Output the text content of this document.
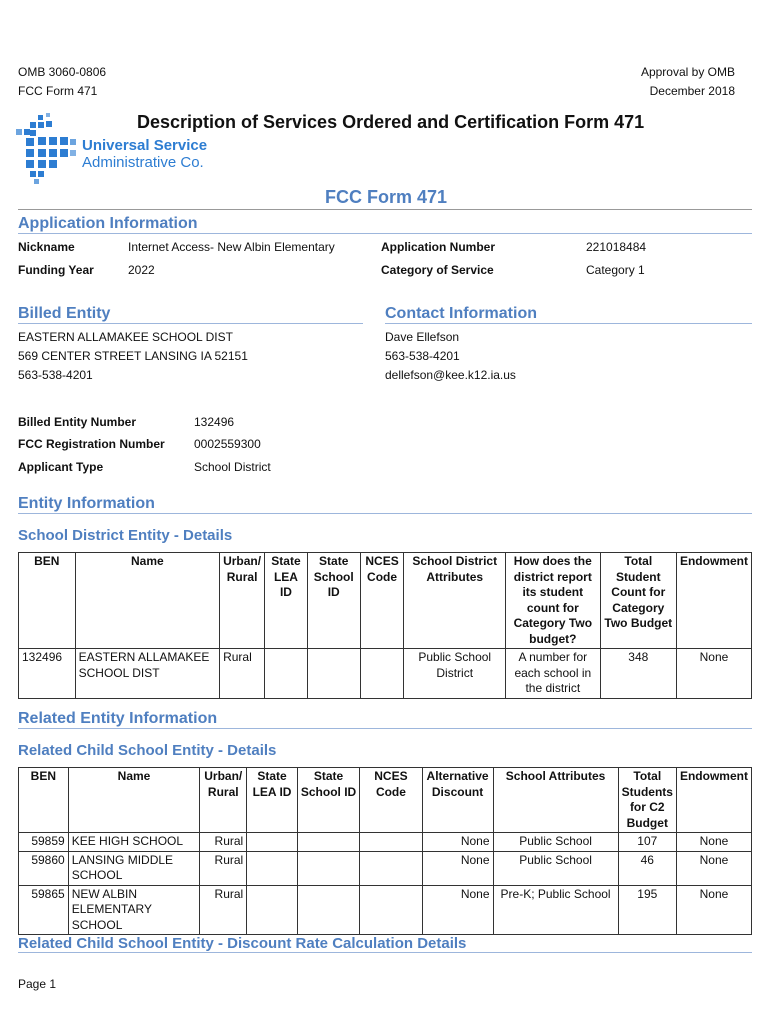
OMB 3060-0806
FCC Form 471
Approval by OMB
December 2018
Description of Services Ordered and Certification Form 471
Universal Service
Administrative Co.
FCC Form 471
Application Information
Nickname	Internet Access- New Albin Elementary	Application Number	221018484
Funding Year	2022	Category of Service	Category 1
Billed Entity	Contact Information
EASTERN ALLAMAKEE SCHOOL DIST
569 CENTER STREET LANSING IA 52151
563-538-4201
Dave Ellefson
563-538-4201
dellefson@kee.k12.ia.us
Billed Entity Number	132496
FCC Registration Number 0002559300
Applicant Type	School District
Entity Information
School District Entity - Details
BEN	Name	Urban/ Rural	State LEA ID	State School ID	NCES Code	School District Attributes	How does the district report its student count for Category Two budget?	Total Student Count for Category Two Budget	Endowment
132496	EASTERN ALLAMAKEE SCHOOL DIST	Rural				Public School District	A number for each school in the district	348	None
Related Entity Information
Related Child School Entity - Details
BEN	Name	Urban/ Rural	State LEA ID	State School ID	NCES Code	Alternative Discount	School Attributes	Total Students for C2 Budget	Endowment
59859	KEE HIGH SCHOOL	Rural				None	Public School	107	None
59860	LANSING MIDDLE SCHOOL	Rural				None	Public School	46	None
59865	NEW ALBIN ELEMENTARY SCHOOL	Rural				None	Pre-K; Public School	195	None
Related Child School Entity - Discount Rate Calculation Details
Page 1
